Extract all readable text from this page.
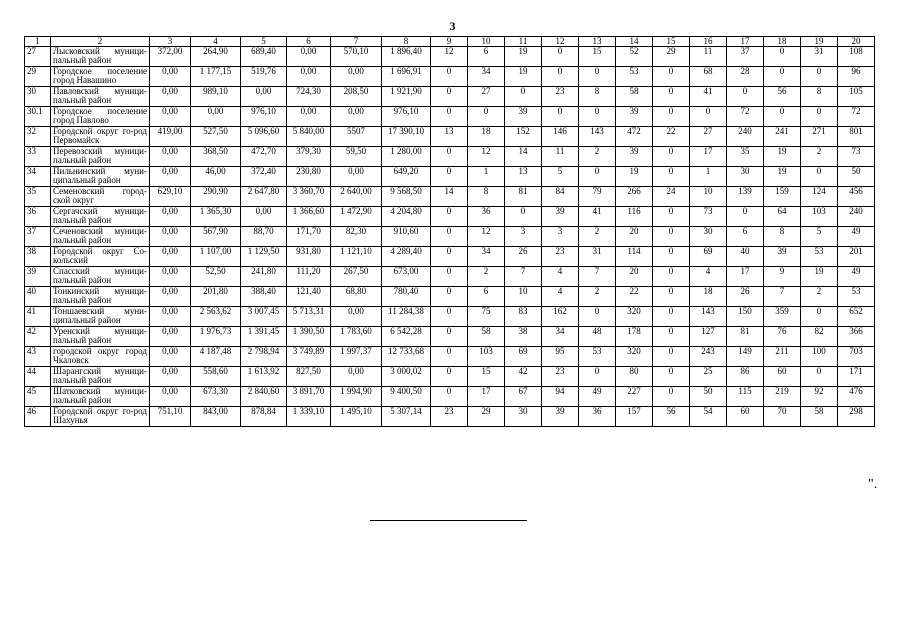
3
1	2	3	4	5	6	7	8	9	10	11	12	13	14	15	16	17	18	19	20
27	Лысковский муници-пальный район	372,00	264,90	689,40	0,00	570,10	1 896,40	12	6	19	0	15	52	29	11	37	0	31	108
29	Городское поселение город Навашино	0,00	1 177,15	519,76	0,00	0,00	1 696,91	0	34	19	0	0	53	0	68	28	0	0	96
30	Павловский муници-пальный район	0,00	989,10	0,00	724,30	208,50	1 921,90	0	27	0	23	8	58	0	41	0	56	8	105
30.1	Городское поселение город Павлово	0,00	0,00	976,10	0,00	0,00	976,10	0	0	39	0	0	39	0	0	72	0	0	72
32	Городской округ го-род Первомайск	419,00	527,50	5 096,60	5 840,00	5507	17 390,10	13	18	152	146	143	472	22	27	240	241	271	801
33	Перевозский муници-пальный район	0,00	368,50	472,70	379,30	59,50	1 280,00	0	12	14	11	2	39	0	17	35	19	2	73
34	Пильнинский муни-ципальный район	0,00	46,00	372,40	230,80	0,00	649,20	0	1	13	5	0	19	0	1	30	19	0	50
35	Семеновский город-ской округ	629,10	290,90	2 647,80	3 360,70	2 640,00	9 568,50	14	8	81	84	79	266	24	10	139	159	124	456
36	Сергачский муници-пальный район	0,00	1 365,30	0,00	1 366,60	1 472,90	4 204,80	0	36	0	39	41	116	0	73	0	64	103	240
37	Сеченовский муници-пальный район	0,00	567,90	88,70	171,70	82,30	910,60	0	12	3	3	2	20	0	30	6	8	5	49
38	Городской округ Со-кольский	0,00	1 107,00	1 129,50	931,80	1 121,10	4 289,40	0	34	26	23	31	114	0	69	40	39	53	201
39	Спасский муници-пальный район	0,00	52,50	241,80	111,20	267,50	673,00	0	2	7	4	7	20	0	4	17	9	19	49
40	Тонкинский муници-пальный район	0,00	201,80	388,40	121,40	68,80	780,40	0	6	10	4	2	22	0	18	26	7	2	53
41	Тоншаевский муни-ципальный район	0,00	2 563,62	3 007,45	5 713,31	0,00	11 284,38	0	75	83	162	0	320	0	143	150	359	0	652
42	Уренский муници-пальный район	0,00	1 976,73	1 391,45	1 390,50	1 783,60	6 542,28	0	58	38	34	48	178	0	127	81	76	82	366
43	городской округ город Чкаловск	0,00	4 187,48	2 798,94	3 749,89	1 997,37	12 733,68	0	103	69	95	53	320	0	243	149	211	100	703
44	Шарангский муници-пальный район	0,00	558,60	1 613,92	827,50	0,00	3 000,02	0	15	42	23	0	80	0	25	86	60	0	171
45	Шатковский муници-пальный район	0,00	673,30	2 840,60	3 891,70	1 994,90	9 400,50	0	17	67	94	49	227	0	50	115	219	92	476
46	Городской округ го-род Шахунья	751,10	843,00	878,84	1 339,10	1 495,10	5 307,14	23	29	30	39	36	157	56	54	60	70	58	298
".
